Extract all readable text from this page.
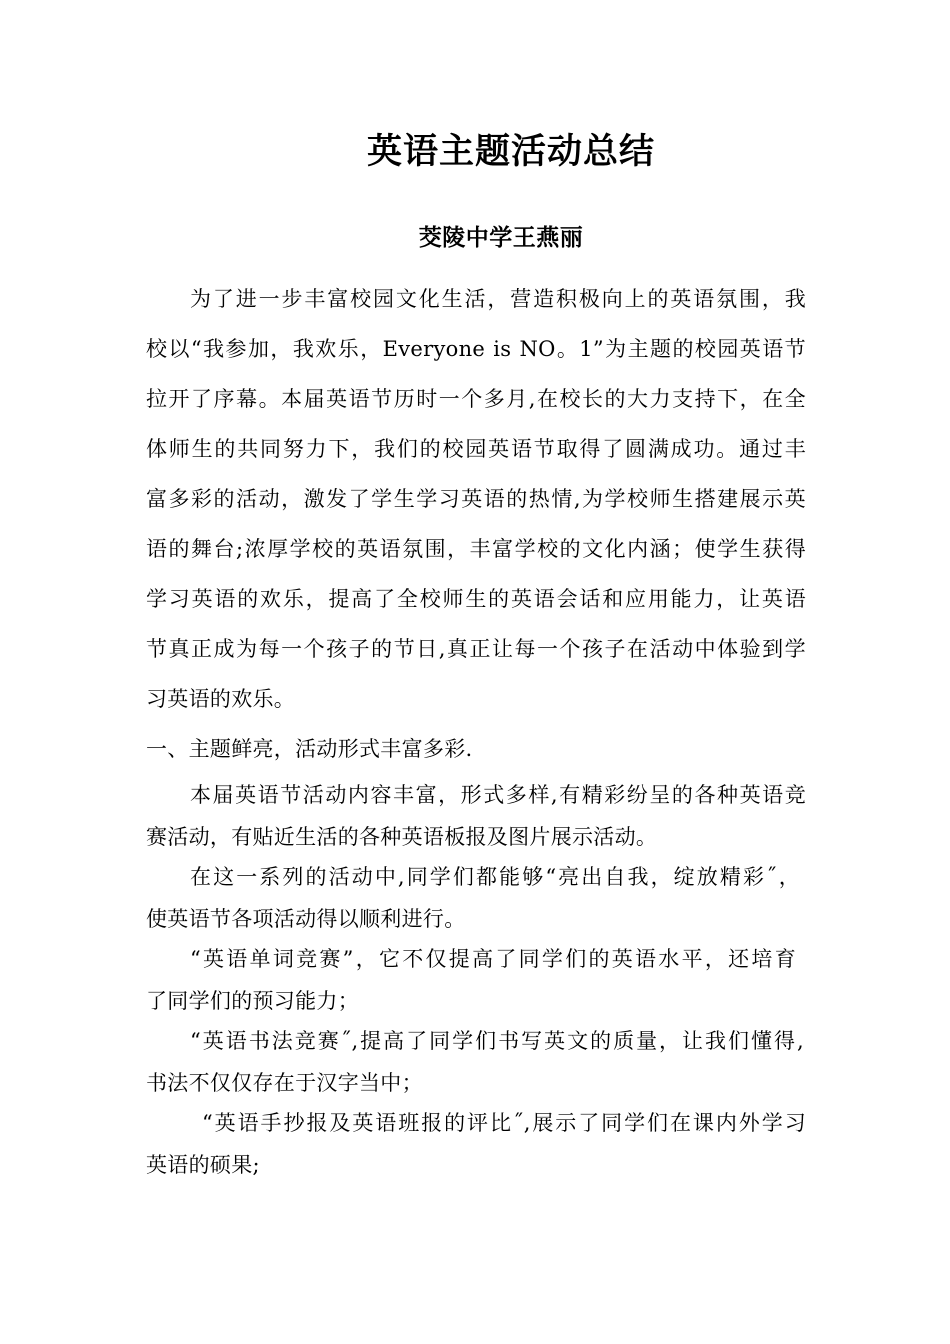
英语主题活动总结
茭陵中学王燕丽
为了进一步丰富校园文化生活，营造积极向上的英语氛围，我
校以“我参加，我欢乐，Everyone is NO。1”为主题的校园英语节
拉开了序幕。本届英语节历时一个多月,在校长的大力支持下，在全
体师生的共同努力下，我们的校园英语节取得了圆满成功。通过丰
富多彩的活动，激发了学生学习英语的热情,为学校师生搭建展示英
语的舞台;浓厚学校的英语氛围，丰富学校的文化内涵；使学生获得
学习英语的欢乐，提高了全校师生的英语会话和应用能力，让英语
节真正成为每一个孩子的节日,真正让每一个孩子在活动中体验到学
习英语的欢乐。
一、主题鲜亮，活动形式丰富多彩.
本届英语节活动内容丰富，形式多样,有精彩纷呈的各种英语竞
赛活动，有贴近生活的各种英语板报及图片展示活动。
在这一系列的活动中,同学们都能够“亮出自我，绽放精彩˝，
使英语节各项活动得以顺利进行。
“英语单词竞赛”，它不仅提高了同学们的英语水平，还培育
了同学们的预习能力；
“英语书法竞赛˝,提高了同学们书写英文的质量，让我们懂得,
书法不仅仅存在于汉字当中；
“英语手抄报及英语班报的评比˝,展示了同学们在课内外学习
英语的硕果;
